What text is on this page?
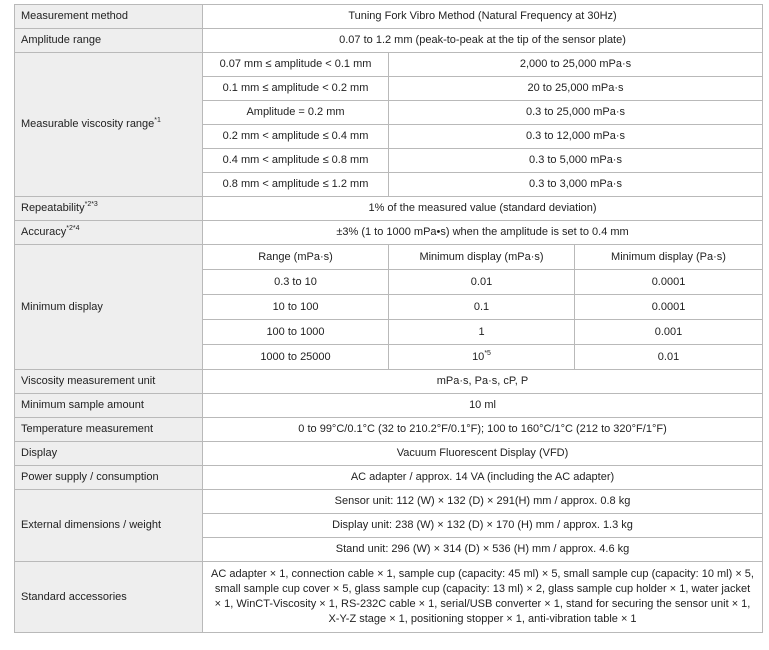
Measurement method	Tuning Fork Vibro Method (Natural Frequency at 30Hz)		
Amplitude range	0.07 to 1.2 mm (peak-to-peak at the tip of the sensor plate)		
Measurable viscosity range$^{*1}$	0.07 mm ≤ amplitude < 0.1 mm	2,000 to 25,000 mPa·s	
	0.1 mm ≤ amplitude < 0.2 mm	20 to 25,000 mPa·s	
	Amplitude = 0.2 mm	0.3 to 25,000 mPa·s	
	0.2 mm < amplitude ≤ 0.4 mm	0.3 to 12,000 mPa·s	
	0.4 mm < amplitude ≤ 0.8 mm	0.3 to 5,000 mPa·s	
	0.8 mm < amplitude ≤ 1.2 mm	0.3 to 3,000 mPa·s	
Repeatability$^{*2*3}$	1% of the measured value (standard deviation)		
Accuracy$^{*2*4}$	±3% (1 to 1000 mPa•s) when the amplitude is set to 0.4 mm		
Minimum display	Range (mPa·s)	Minimum display (mPa·s)	Minimum display (Pa·s)
	0.3 to 10	0.01	0.0001
	10 to 100	0.1	0.0001
	100 to 1000	1	0.001
	1000 to 25000	10$^{*5}$	0.01
Viscosity measurement unit	mPa·s, Pa·s, cP, P		
Minimum sample amount	10 ml		
Temperature measurement	0 to 99°C/0.1°C (32 to 210.2°F/0.1°F); 100 to 160°C/1°C (212 to 320°F/1°F)		
Display	Vacuum Fluorescent Display (VFD)		
Power supply / consumption	AC adapter / approx. 14 VA (including the AC adapter)		
External dimensions / weight	Sensor unit: 112 (W) × 132 (D) × 291(H) mm / approx. 0.8 kg		
	Display unit: 238 (W) × 132 (D) × 170 (H) mm / approx. 1.3 kg		
	Stand unit: 296 (W) × 314 (D) × 536 (H) mm / approx. 4.6 kg		
Standard accessories	AC adapter × 1, connection cable × 1, sample cup (capacity: 45 ml) × 5, small sample cup (capacity: 10 ml) × 5, small sample cup cover × 5, glass sample cup (capacity: 13 ml) × 2, glass sample cup holder × 1, water jacket × 1, WinCT-Viscosity × 1, RS-232C cable × 1, serial/USB converter × 1, stand for securing the sensor unit × 1, X-Y-Z stage × 1, positioning stopper × 1, anti-vibration table × 1		
